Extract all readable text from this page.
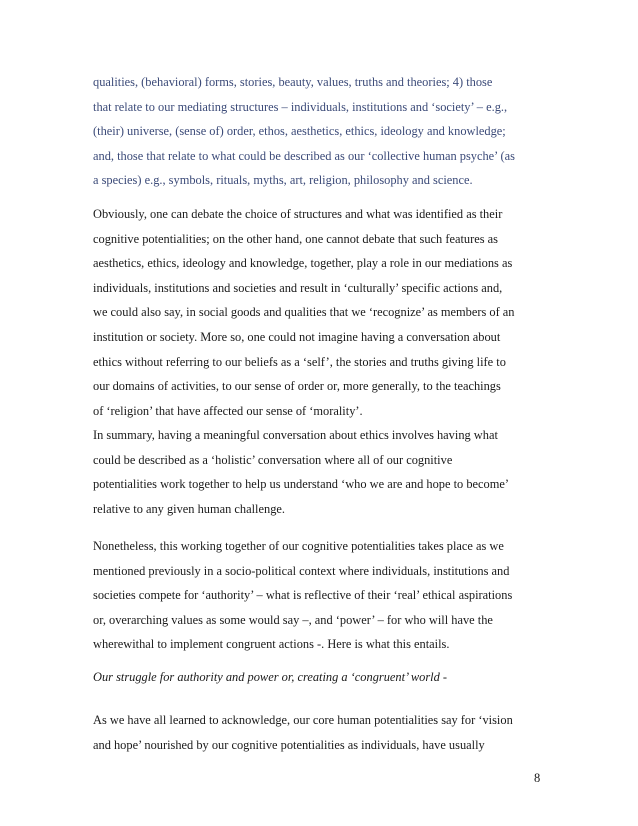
qualities, (behavioral) forms, stories, beauty, values, truths and theories; 4) those
that relate to our mediating structures – individuals, institutions and ‘society’ – e.g.,
(their) universe, (sense of) order, ethos, aesthetics, ethics, ideology and knowledge;
and, those that relate to what could be described as our ‘collective human psyche’ (as
a species) e.g., symbols, rituals, myths, art, religion, philosophy and science.
Obviously, one can debate the choice of structures and what was identified as their
cognitive potentialities; on the other hand, one cannot debate that such features as
aesthetics, ethics, ideology and knowledge, together, play a role in our mediations as
individuals, institutions and societies and result in ‘culturally’ specific actions and,
we could also say, in social goods and qualities that we ‘recognize’ as members of an
institution or society. More so, one could not imagine having a conversation about
ethics without referring to our beliefs as a ‘self’, the stories and truths giving life to
our domains of activities, to our sense of order or, more generally, to the teachings
of ‘religion’ that have affected our sense of ‘morality’.
In summary, having a meaningful conversation about ethics involves having what
could be described as a ‘holistic’ conversation where all of our cognitive
potentialities work together to help us understand ‘who we are and hope to become’
relative to any given human challenge.
Nonetheless, this working together of our cognitive potentialities takes place as we
mentioned previously in a socio-political context where individuals, institutions and
societies compete for ‘authority’ – what is reflective of their ‘real’ ethical aspirations
or, overarching values as some would say –, and ‘power’ – for who will have the
wherewithal to implement congruent actions -. Here is what this entails.
Our struggle for authority and power or, creating a ‘congruent’ world -
As we have all learned to acknowledge, our core human potentialities say for ‘vision
and hope’ nourished by our cognitive potentialities as individuals, have usually
8
